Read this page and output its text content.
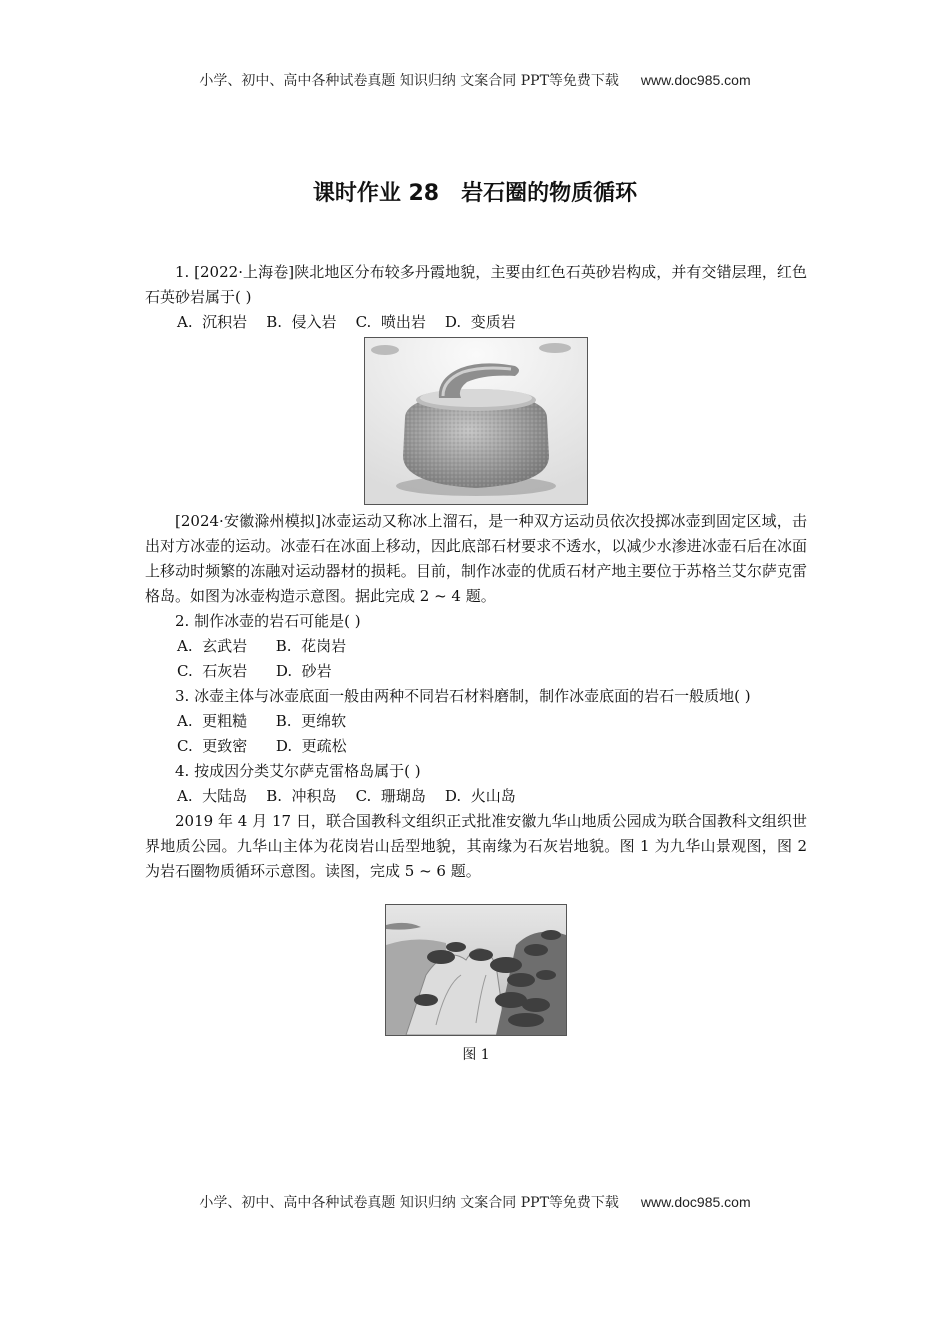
小学、初中、高中各种试卷真题 知识归纳 文案合同 PPT等免费下载 www.doc985.com
课时作业 28 岩石圈的物质循环

1. [2022·上海卷]陕北地区分布较多丹霞地貌，主要由红色石英砂岩构成，并有交错层理，红色石英砂岩属于( )

A.  沉积岩    B.  侵入岩    C.  喷出岩    D.  变质岩

[2024·安徽滁州模拟]冰壶运动又称冰上溜石，是一种双方运动员依次投掷冰壶到固定区域，击出对方冰壶的运动。冰壶石在冰面上移动，因此底部石材要求不透水，以减少水渗进冰壶石后在冰面上移动时频繁的冻融对运动器材的损耗。目前，制作冰壶的优质石材产地主要位于苏格兰艾尔萨克雷格岛。如图为冰壶构造示意图。据此完成 2 ~ 4 题。

2. 制作冰壶的岩石可能是( )

A.  玄武岩      B.  花岗岩

C.  石灰岩      D.  砂岩

3. 冰壶主体与冰壶底面一般由两种不同岩石材料磨制，制作冰壶底面的岩石一般质地( )

A.  更粗糙      B.  更绵软

C.  更致密      D.  更疏松

4. 按成因分类艾尔萨克雷格岛属于( )

A.  大陆岛    B.  冲积岛    C.  珊瑚岛    D.  火山岛

2019 年 4 月 17 日，联合国教科文组织正式批准安徽九华山地质公园成为联合国教科文组织世界地质公园。九华山主体为花岗岩山岳型地貌，其南缘为石灰岩地貌。图 1 为九华山景观图，图 2 为岩石圈物质循环示意图。读图，完成 5 ~ 6 题。

图 1
小学、初中、高中各种试卷真题 知识归纳 文案合同 PPT等免费下载 www.doc985.com
